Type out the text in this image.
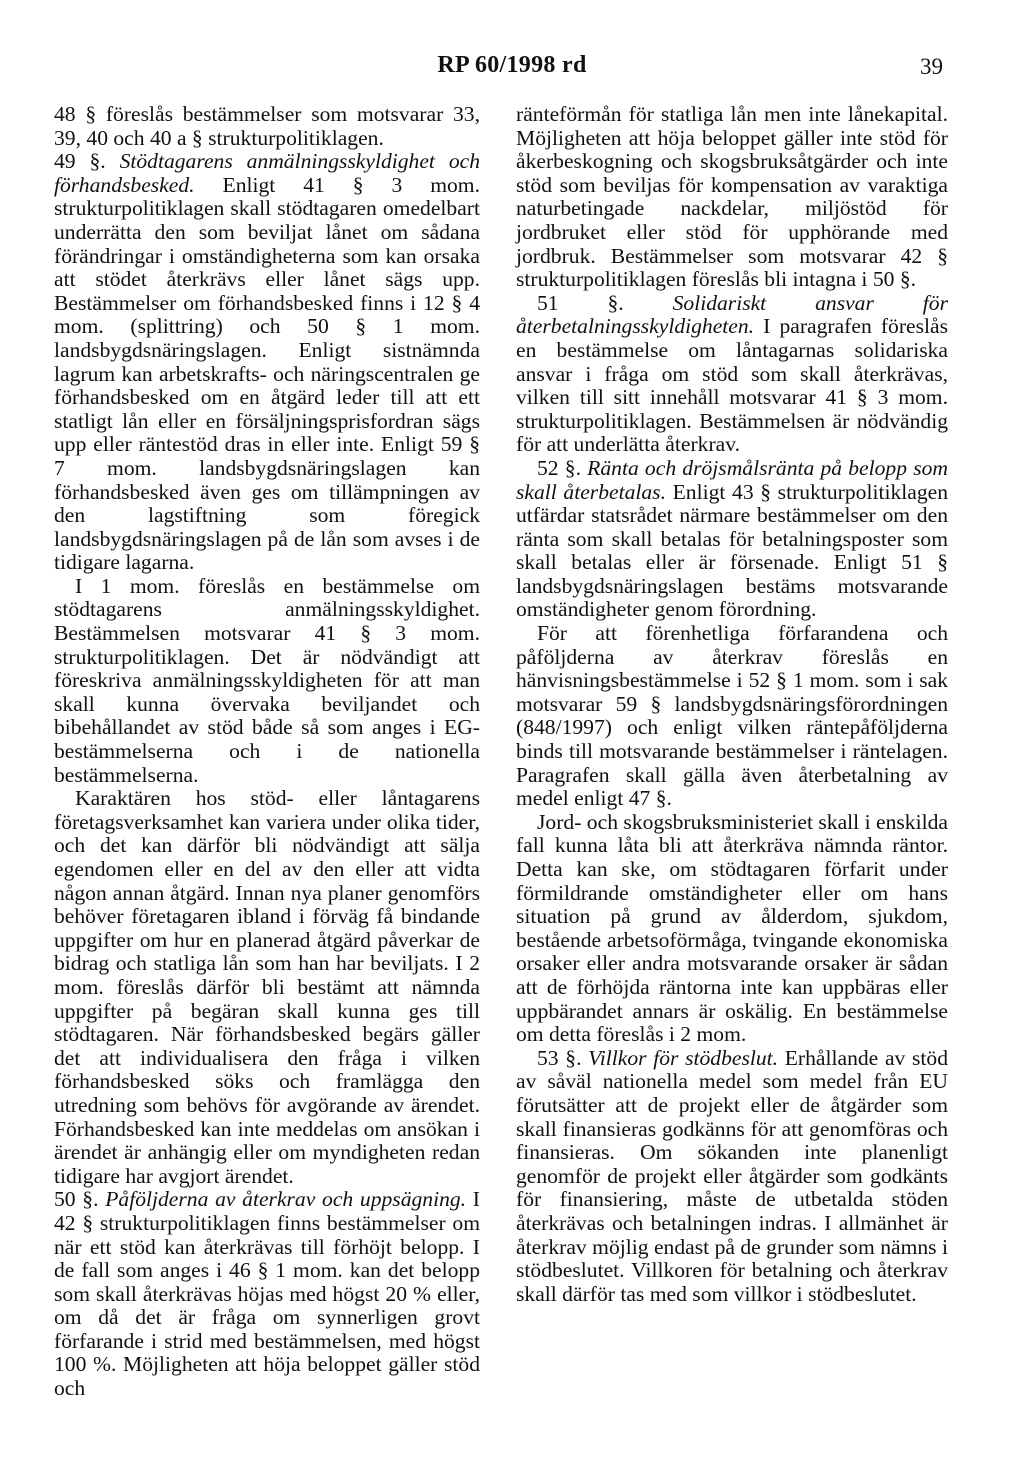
RP 60/1998 rd	39

48 § föreslås bestämmelser som motsvarar 33, 39, 40 och 40 a § strukturpolitiklagen.

49 §. Stödtagarens anmälningsskyldighet och förhandsbesked. Enligt 41 § 3 mom. strukturpolitiklagen skall stödtagaren omedelbart underrätta den som beviljat lånet om sådana förändringar i omständigheterna som kan orsaka att stödet återkrävs eller lånet sägs upp. Bestämmelser om förhandsbesked finns i 12 § 4 mom. (splittring) och 50 § 1 mom. landsbygdsnäringslagen. Enligt sistnämnda lagrum kan arbetskrafts- och näringscentralen ge förhandsbesked om en åtgärd leder till att ett statligt lån eller en försäljningsprisfordran sägs upp eller räntestöd dras in eller inte. Enligt 59 § 7 mom. landsbygdsnäringslagen kan förhandsbesked även ges om tillämpningen av den lagstiftning som föregick landsbygdsnäringslagen på de lån som avses i de tidigare lagarna.

I 1 mom. föreslås en bestämmelse om stödtagarens anmälningsskyldighet. Bestämmelsen motsvarar 41 § 3 mom. strukturpolitiklagen. Det är nödvändigt att föreskriva anmälningsskyldigheten för att man skall kunna övervaka beviljandet och bibehållandet av stöd både så som anges i EG-bestämmelserna och i de nationella bestämmelserna.

Karaktären hos stöd- eller låntagarens företagsverksamhet kan variera under olika tider, och det kan därför bli nödvändigt att sälja egendomen eller en del av den eller att vidta någon annan åtgärd. Innan nya planer genomförs behöver företagaren ibland i förväg få bindande uppgifter om hur en planerad åtgärd påverkar de bidrag och statliga lån som han har beviljats. I 2 mom. föreslås därför bli bestämt att nämnda uppgifter på begäran skall kunna ges till stödtagaren. När förhandsbesked begärs gäller det att individualisera den fråga i vilken förhandsbesked söks och framlägga den utredning som behövs för avgörande av ärendet. Förhandsbesked kan inte meddelas om ansökan i ärendet är anhängig eller om myndigheten redan tidigare har avgjort ärendet.

50 §. Påföljderna av återkrav och uppsägning. I 42 § strukturpolitiklagen finns bestämmelser om när ett stöd kan återkrävas till förhöjt belopp. I de fall som anges i 46 § 1 mom. kan det belopp som skall återkrävas höjas med högst 20 % eller, om då det är fråga om synnerligen grovt förfarande i strid med bestämmelsen, med högst 100 %. Möjligheten att höja beloppet gäller stöd och

ränteförmån för statliga lån men inte lånekapital. Möjligheten att höja beloppet gäller inte stöd för åkerbeskogning och skogsbruksåtgärder och inte stöd som beviljas för kompensation av varaktiga naturbetingade nackdelar, miljöstöd för jordbruket eller stöd för upphörande med jordbruk. Bestämmelser som motsvarar 42 § strukturpolitiklagen föreslås bli intagna i 50 §.

51 §. Solidariskt ansvar för återbetalningsskyldigheten. I paragrafen föreslås en bestämmelse om låntagarnas solidariska ansvar i fråga om stöd som skall återkrävas, vilken till sitt innehåll motsvarar 41 § 3 mom. strukturpolitiklagen. Bestämmelsen är nödvändig för att underlätta återkrav.

52 §. Ränta och dröjsmålsränta på belopp som skall återbetalas. Enligt 43 § strukturpolitiklagen utfärdar statsrådet närmare bestämmelser om den ränta som skall betalas för betalningsposter som skall betalas eller är försenade. Enligt 51 § landsbygdsnäringslagen bestäms motsvarande omständigheter genom förordning.

För att förenhetliga förfarandena och påföljderna av återkrav föreslås en hänvisningsbestämmelse i 52 § 1 mom. som i sak motsvarar 59 § landsbygdsnäringsförordningen (848/1997) och enligt vilken räntepåföljderna binds till motsvarande bestämmelser i räntelagen. Paragrafen skall gälla även återbetalning av medel enligt 47 §.

Jord- och skogsbruksministeriet skall i enskilda fall kunna låta bli att återkräva nämnda räntor. Detta kan ske, om stödtagaren förfarit under förmildrande omständigheter eller om hans situation på grund av ålderdom, sjukdom, bestående arbetsoförmåga, tvingande ekonomiska orsaker eller andra motsvarande orsaker är sådan att de förhöjda räntorna inte kan uppbäras eller uppbärandet annars är oskälig. En bestämmelse om detta föreslås i 2 mom.

53 §. Villkor för stödbeslut. Erhållande av stöd av såväl nationella medel som medel från EU förutsätter att de projekt eller de åtgärder som skall finansieras godkänns för att genomföras och finansieras. Om sökanden inte planenligt genomför de projekt eller åtgärder som godkänts för finansiering, måste de utbetalda stöden återkrävas och betalningen indras. I allmänhet är återkrav möjlig endast på de grunder som nämns i stödbeslutet. Villkoren för betalning och återkrav skall därför tas med som villkor i stödbeslutet.
